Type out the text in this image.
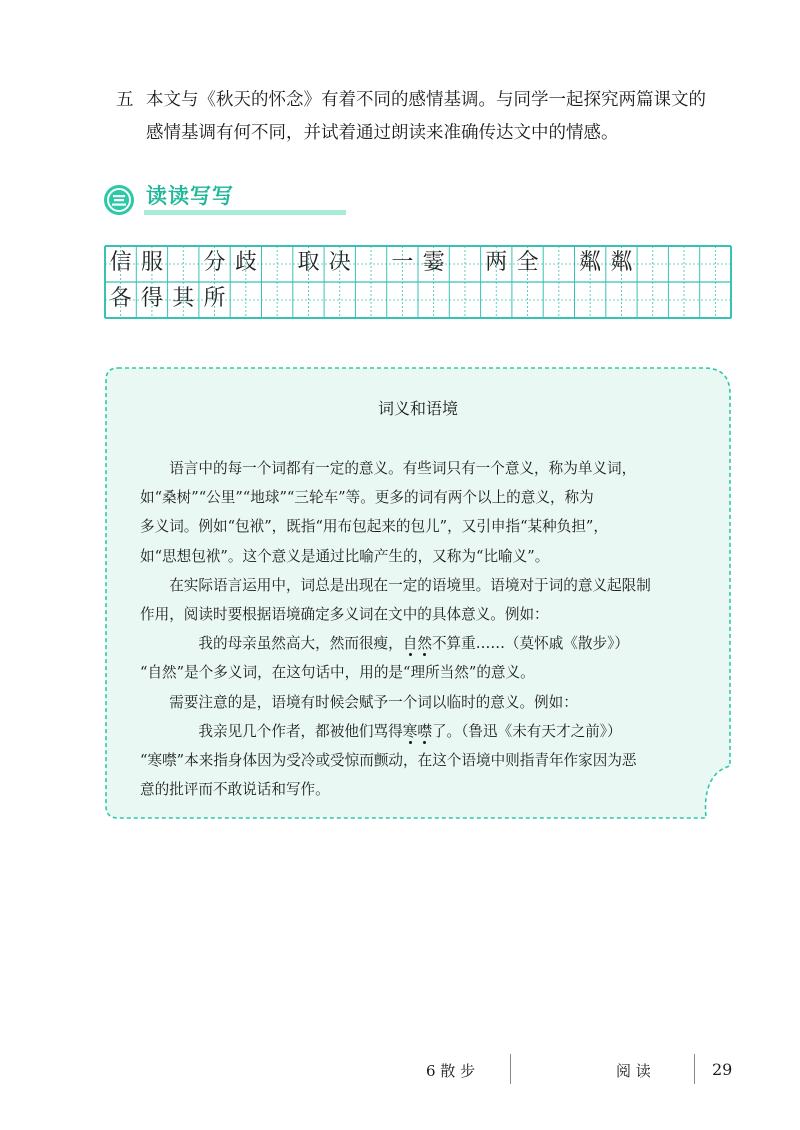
五 本文与《秋天的怀念》有着不同的感情基调。与同学一起探究两篇课文的
感情基调有何不同，并试着通过朗读来准确传达文中的情感。
读读写写
信 服 分 歧 取 决 一 霎 两 全 粼 粼
各 得 其 所
词义和语境

语言中的每一个词都有一定的意义。有些词只有一个意义，称为单义词，

如“桑树”“公里”“地球”“三轮车”等。更多的词有两个以上的意义，称为

多义词。例如“包袱”，既指“用布包起来的包儿”，又引申指“某种负担”，

如“思想包袱”。这个意义是通过比喻产生的，又称为“比喻义”。

在实际语言运用中，词总是出现在一定的语境里。语境对于词的意义起限制

作用，阅读时要根据语境确定多义词在文中的具体意义。例如：

我的母亲虽然高大，然而很瘦，自然不算重……（莫怀戚《散步》）

“自然”是个多义词，在这句话中，用的是“理所当然”的意义。

需要注意的是，语境有时候会赋予一个词以临时的意义。例如：

我亲见几个作者，都被他们骂得寒噤了。（鲁迅《未有天才之前》）

“寒噤”本来指身体因为受冷或受惊而颤动，在这个语境中则指青年作家因为恶

意的批评而不敢说话和写作。

6 散 步	阅 读	29
